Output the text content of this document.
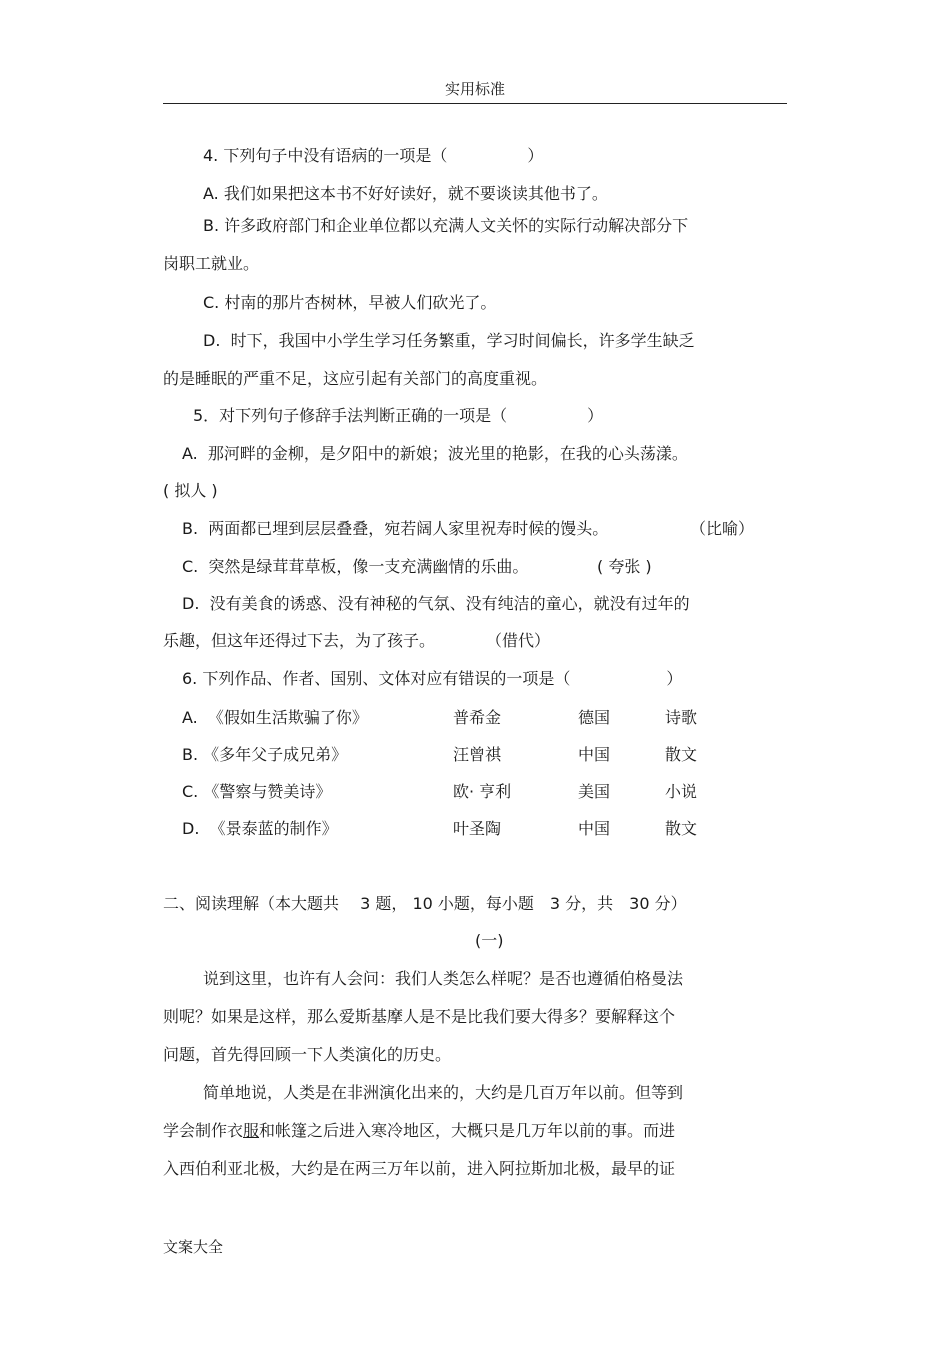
实用标准
4. 下列句子中没有语病的一项是（　　　　　）
A. 我们如果把这本书不好好读好，就不要谈读其他书了。
B. 许多政府部门和企业单位都以充满人文关怀的实际行动解决部分下
岗职工就业。
C. 村南的那片杏树林，早被人们砍光了。
D.  时下，我国中小学生学习任务繁重，学习时间偏长，许多学生缺乏
的是睡眠的严重不足，这应引起有关部门的高度重视。
5．对下列句子修辞手法判断正确的一项是（　　　　　）
A.  那河畔的金柳，是夕阳中的新娘；波光里的艳影，在我的心头荡漾。
( 拟人 )
B.  两面都已埋到层层叠叠，宛若阔人家里祝寿时候的馒头。	（比喻）
C.  突然是绿茸茸草板，像一支充满幽情的乐曲。	( 夸张 )
D.  没有美食的诱惑、没有神秘的气氛、没有纯洁的童心，就没有过年的
乐趣，但这年还得过下去，为了孩子。	（借代）
6. 下列作品、作者、国别、文体对应有错误的一项是（　　　　　　）
A.  《假如生活欺骗了你》	普希金	德国	诗歌
B. 《多年父子成兄弟》	汪曾祺	中国	散文
C. 《警察与赞美诗》	欧· 亨利	美国	小说
D.  《景泰蓝的制作》	叶圣陶	中国	散文
二、阅读理解（本大题共　 3 题， 10 小题，每小题　3 分，共　30 分）
(一)
说到这里，也许有人会问：我们人类怎么样呢？是否也遵循伯格曼法
则呢？如果是这样，那么爱斯基摩人是不是比我们要大得多？要解释这个
问题，首先得回顾一下人类演化的历史。
简单地说，人类是在非洲演化出来的，大约是几百万年以前。但等到
学会制作衣服和帐篷之后进入寒冷地区，大概只是几万年以前的事。而进
入西伯利亚北极，大约是在两三万年以前，进入阿拉斯加北极，最早的证
文案大全
